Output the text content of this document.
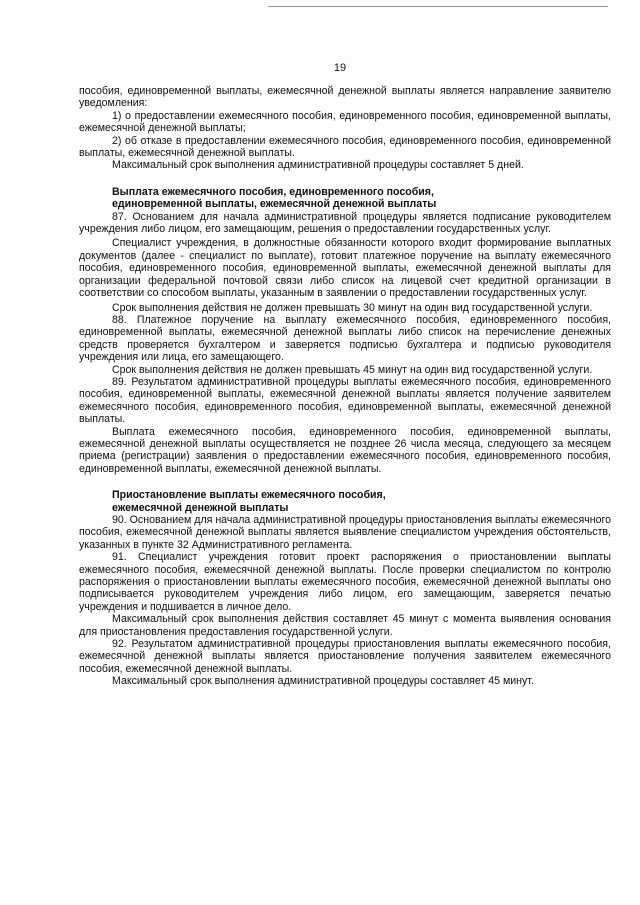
19

пособия, единовременной выплаты, ежемесячной денежной выплаты является направление заявителю уведомления:

1) о предоставлении ежемесячного пособия, единовременного пособия, единовременной выплаты, ежемесячной денежной выплаты;

2) об отказе в предоставлении ежемесячного пособия, единовременного пособия, единовременной выплаты, ежемесячной денежной выплаты.

Максимальный срок выполнения административной процедуры составляет 5 дней.

Выплата ежемесячного пособия, единовременного пособия,

единовременной выплаты, ежемесячной денежной выплаты

87. Основанием для начала административной процедуры является подписание руководителем учреждения либо лицом, его замещающим, решения о предоставлении государственных услуг.

Специалист учреждения, в должностные обязанности которого входит формирование выплатных документов (далее - специалист по выплате), готовит платежное поручение на выплату ежемесячного пособия, единовременного пособия, единовременной выплаты, ежемесячной денежной выплаты для организации федеральной почтовой связи либо список на лицевой счет кредитной организации в соответствии со способом выплаты, указанным в заявлении о предоставлении государственных услуг.

Срок выполнения действия не должен превышать 30 минут на один вид государственной услуги.

88. Платежное поручение на выплату ежемесячного пособия, единовременного пособия, единовременной выплаты, ежемесячной денежной выплаты либо список на перечисление денежных средств проверяется бухгалтером и заверяется подписью бухгалтера и подписью руководителя учреждения или лица, его замещающего.

Срок выполнения действия не должен превышать 45 минут на один вид государственной услуги.

89. Результатом административной процедуры выплаты ежемесячного пособия, единовременного пособия, единовременной выплаты, ежемесячной денежной выплаты является получение заявителем ежемесячного пособия, единовременного пособия, единовременной выплаты, ежемесячной денежной выплаты.

Выплата ежемесячного пособия, единовременного пособия, единовременной выплаты, ежемесячной денежной выплаты осуществляется не позднее 26 числа месяца, следующего за месяцем приема (регистрации) заявления о предоставлении ежемесячного пособия, единовременного пособия, единовременной выплаты, ежемесячной денежной выплаты.

Приостановление выплаты ежемесячного пособия,

ежемесячной денежной выплаты

90. Основанием для начала административной процедуры приостановления выплаты ежемесячного пособия, ежемесячной денежной выплаты является выявление специалистом учреждения обстоятельств, указанных в пункте 32 Административного регламента.

91. Специалист учреждения готовит проект распоряжения о приостановлении выплаты ежемесячного пособия, ежемесячной денежной выплаты. После проверки специалистом по контролю распоряжения о приостановлении выплаты ежемесячного пособия, ежемесячной денежной выплаты оно подписывается руководителем учреждения либо лицом, его замещающим, заверяется печатью учреждения и подшивается в личное дело.

Максимальный срок выполнения действия составляет 45 минут с момента выявления основания для приостановления предоставления государственной услуги.

92. Результатом административной процедуры приостановления выплаты ежемесячного пособия, ежемесячной денежной выплаты является приостановление получения заявителем ежемесячного пособия, ежемесячной денежной выплаты.

Максимальный срок выполнения административной процедуры составляет 45 минут.
